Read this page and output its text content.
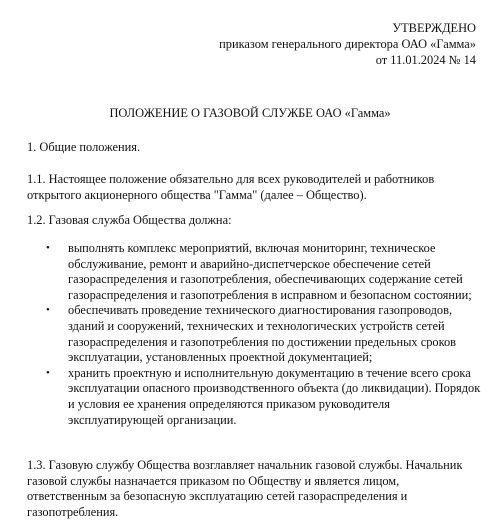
УТВЕРЖДЕНО
приказом генерального директора ОАО «Гамма»
от 11.01.2024 № 14
ПОЛОЖЕНИЕ О ГАЗОВОЙ СЛУЖБЕ ОАО «Гамма»
1. Общие положения.
1.1. Настоящее положение обязательно для всех руководителей и работников открытого акционерного общества "Гамма" (далее – Общество).
1.2. Газовая служба Общества должна:
• выполнять комплекс мероприятий, включая мониторинг, техническое обслуживание, ремонт и аварийно-диспетчерское обеспечение сетей газораспределения и газопотребления, обеспечивающих содержание сетей газораспределения и газопотребления в исправном и безопасном состоянии;
• обеспечивать проведение технического диагностирования газопроводов, зданий и сооружений, технических и технологических устройств сетей газораспределения и газопотребления по достижении предельных сроков эксплуатации, установленных проектной документацией;
• хранить проектную и исполнительную документацию в течение всего срока эксплуатации опасного производственного объекта (до ликвидации). Порядок и условия ее хранения определяются приказом руководителя эксплуатирующей организации.
1.3. Газовую службу Общества возглавляет начальник газовой службы. Начальник газовой службы назначается приказом по Обществу и является лицом, ответственным за безопасную эксплуатацию сетей газораспределения и газопотребления.
